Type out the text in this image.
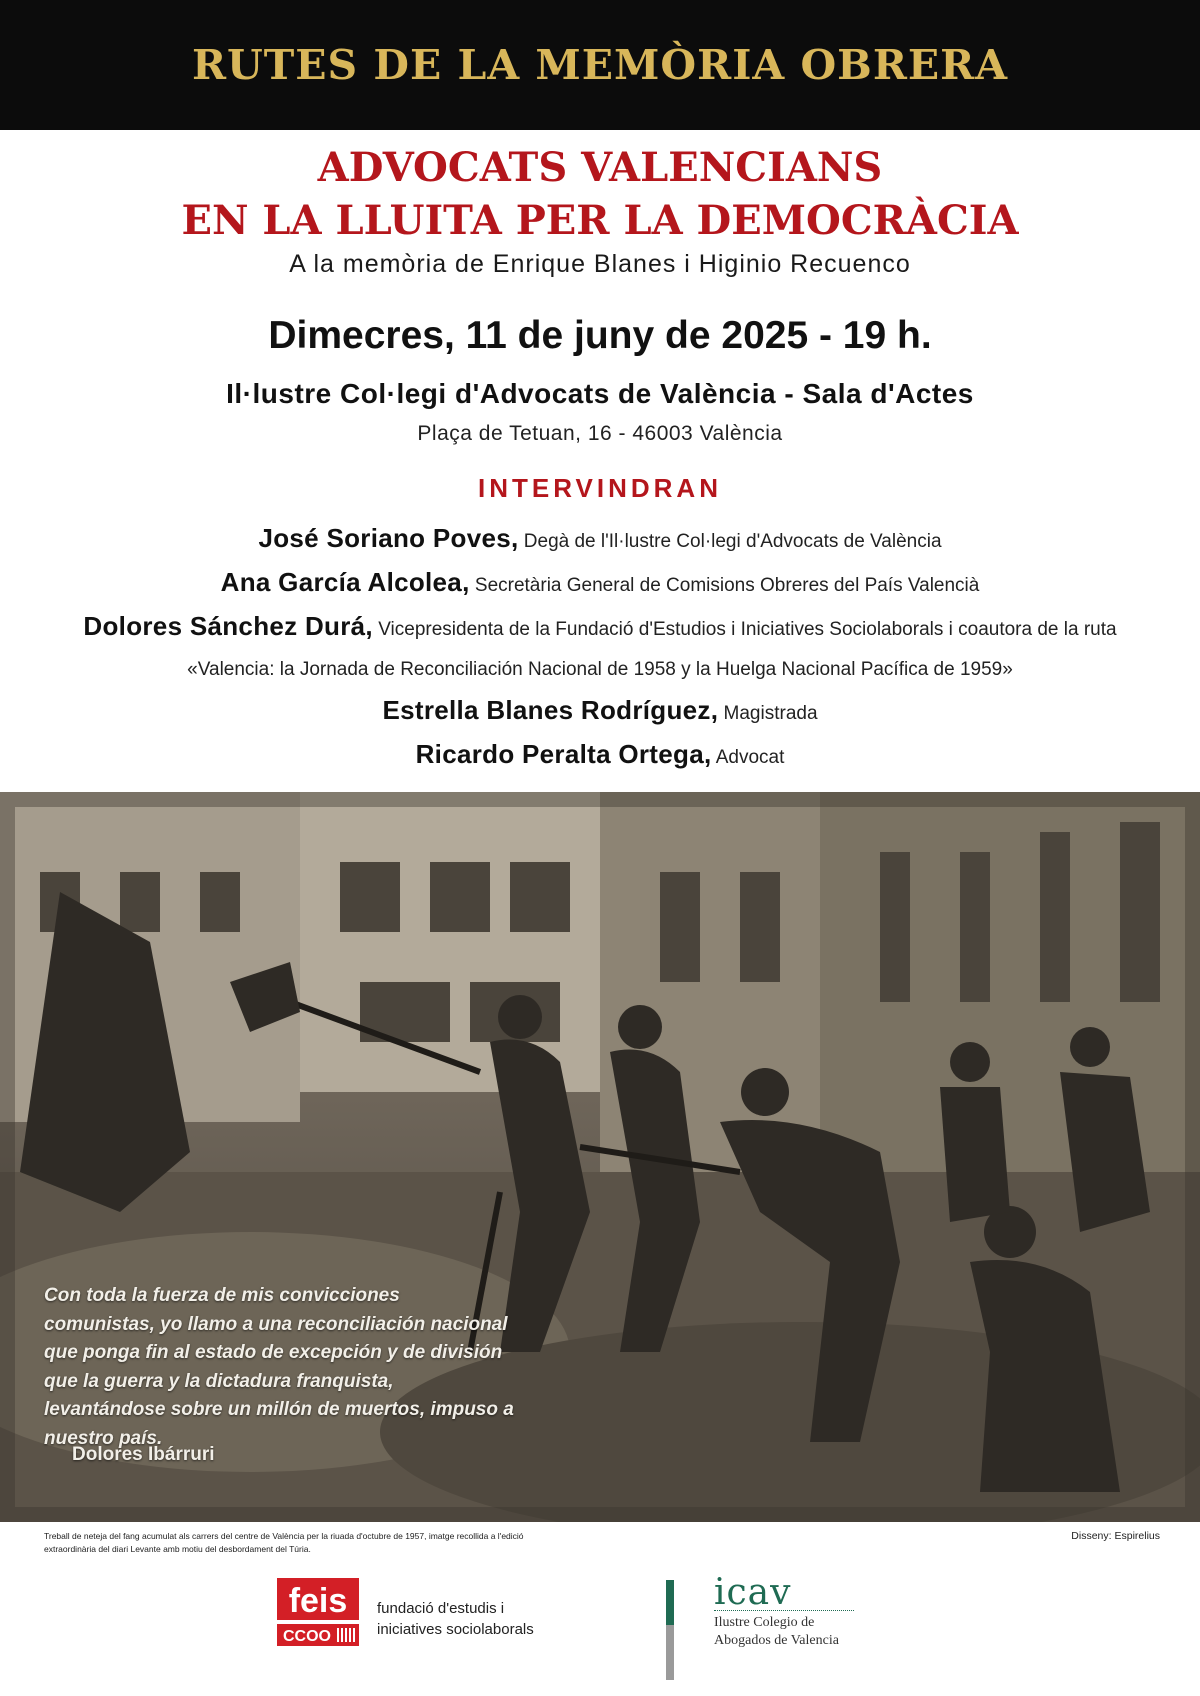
RUTES DE LA MEMÒRIA OBRERA
ADVOCATS VALENCIANS
EN LA LLUITA PER LA DEMOCRÀCIA
A la memòria de Enrique Blanes i Higinio Recuenco
Dimecres, 11 de juny de 2025 - 19 h.
Il·lustre Col·legi d'Advocats de València - Sala d'Actes
Plaça de Tetuan, 16 - 46003 València
INTERVINDRAN

José Soriano Poves, Degà de l'Il·lustre Col·legi d'Advocats de València

Ana García Alcolea, Secretària General de Comisions Obreres del País Valencià

Dolores Sánchez Durá, Vicepresidenta de la Fundació d'Estudios i Iniciatives Sociolaborals i coautora de la ruta «Valencia: la Jornada de Reconciliación Nacional de 1958 y la Huelga Nacional Pacífica de 1959»

Estrella Blanes Rodríguez, Magistrada

Ricardo Peralta Ortega, Advocat

Con toda la fuerza de mis convicciones comunistas, yo llamo a una reconciliación nacional que ponga fin al estado de excepción y de división que la guerra y la dictadura franquista, levantándose sobre un millón de muertos, impuso a nuestro país.

Dolores Ibárruri
Treball de neteja del fang acumulat als carrers del centre de València per la riuada d'octubre de 1957, imatge recollida a l'edició extraordinària del diari Levante amb motiu del desbordament del Túria.
Disseny: Espirelius
feis
CCOO
fundació d'estudis i
iniciatives sociolaborals
icav
Ilustre Colegio de
Abogados de Valencia
